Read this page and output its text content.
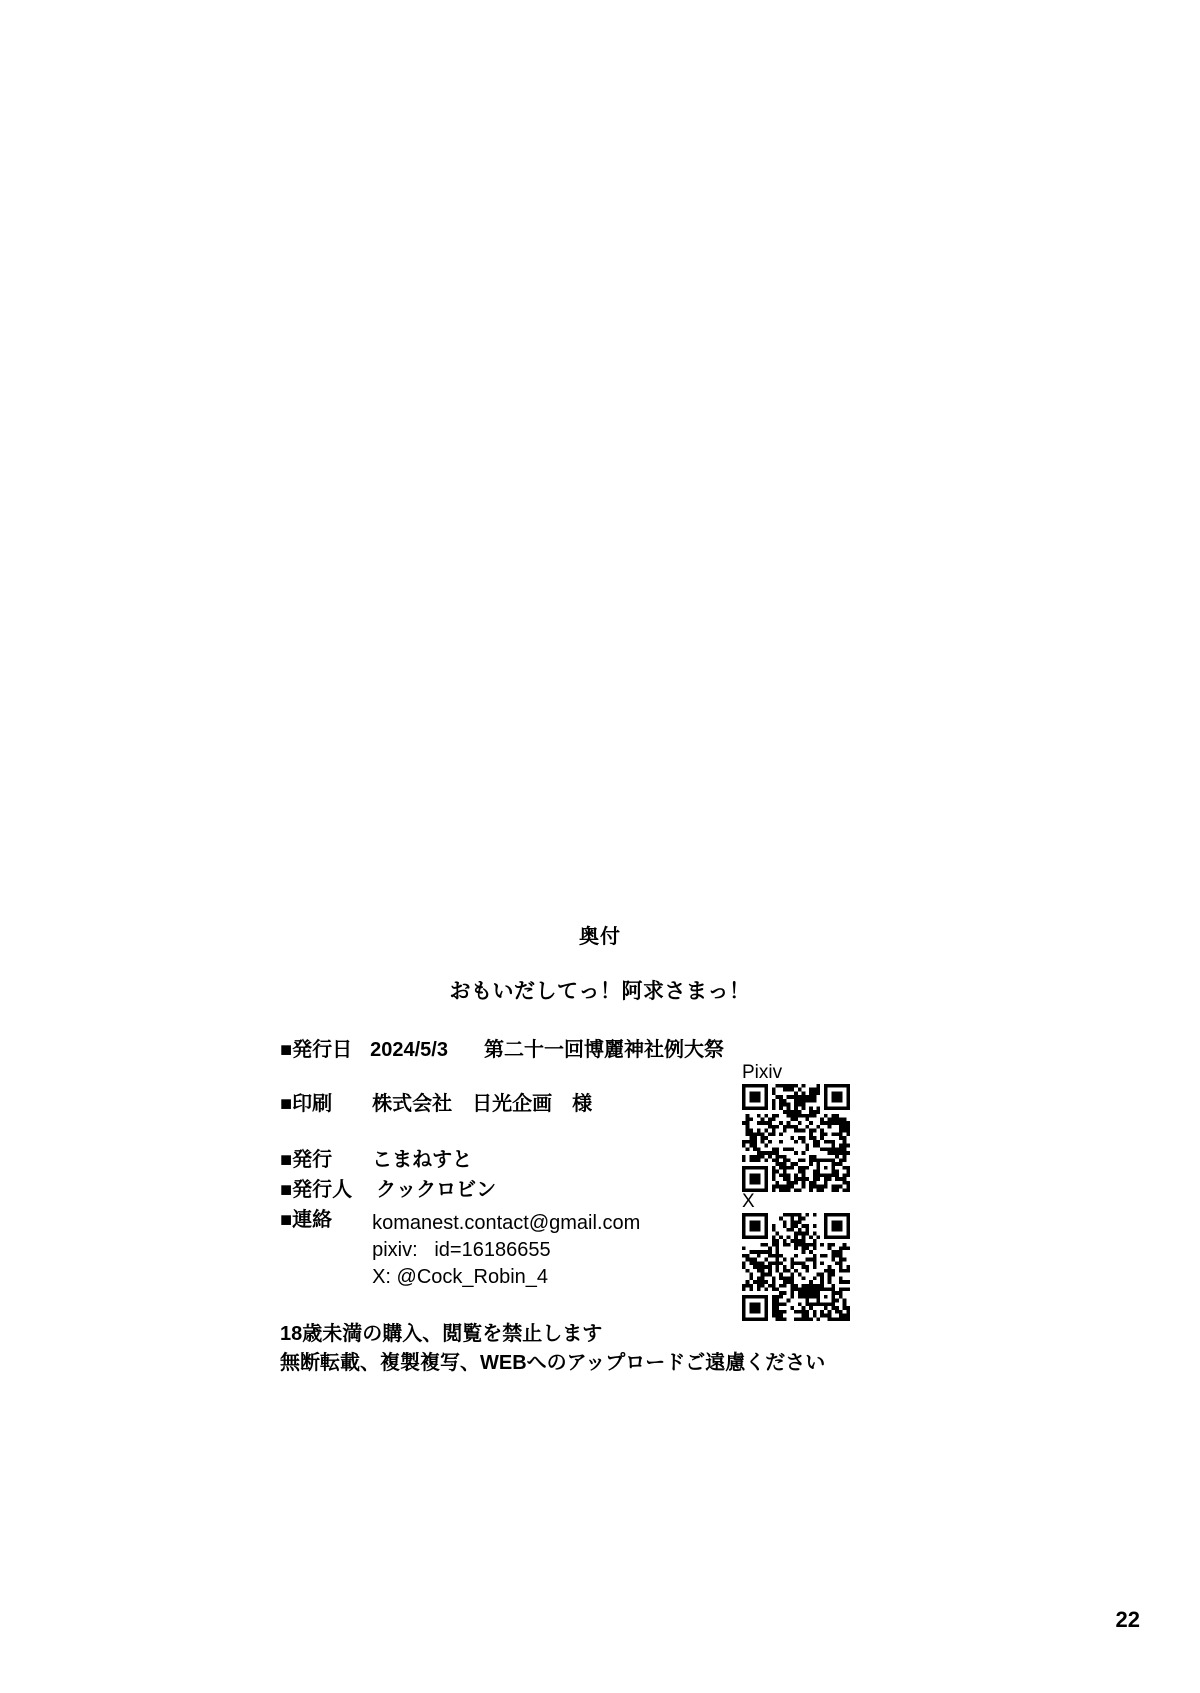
奥付
おもいだしてっ！阿求さまっ！
■発行日 2024/5/3 第二十一回博麗神社例大祭
■印刷 株式会社　日光企画　様
■発行 こまねすと
■発行人 クックロビン
■連絡 komanest.contact@gmail.com
pixiv:   id=16186655
X: @Cock_Robin_4
18歳未満の購入、閲覧を禁止します
無断転載、複製複写、WEBへのアップロードご遠慮ください
Pixiv
X
22
